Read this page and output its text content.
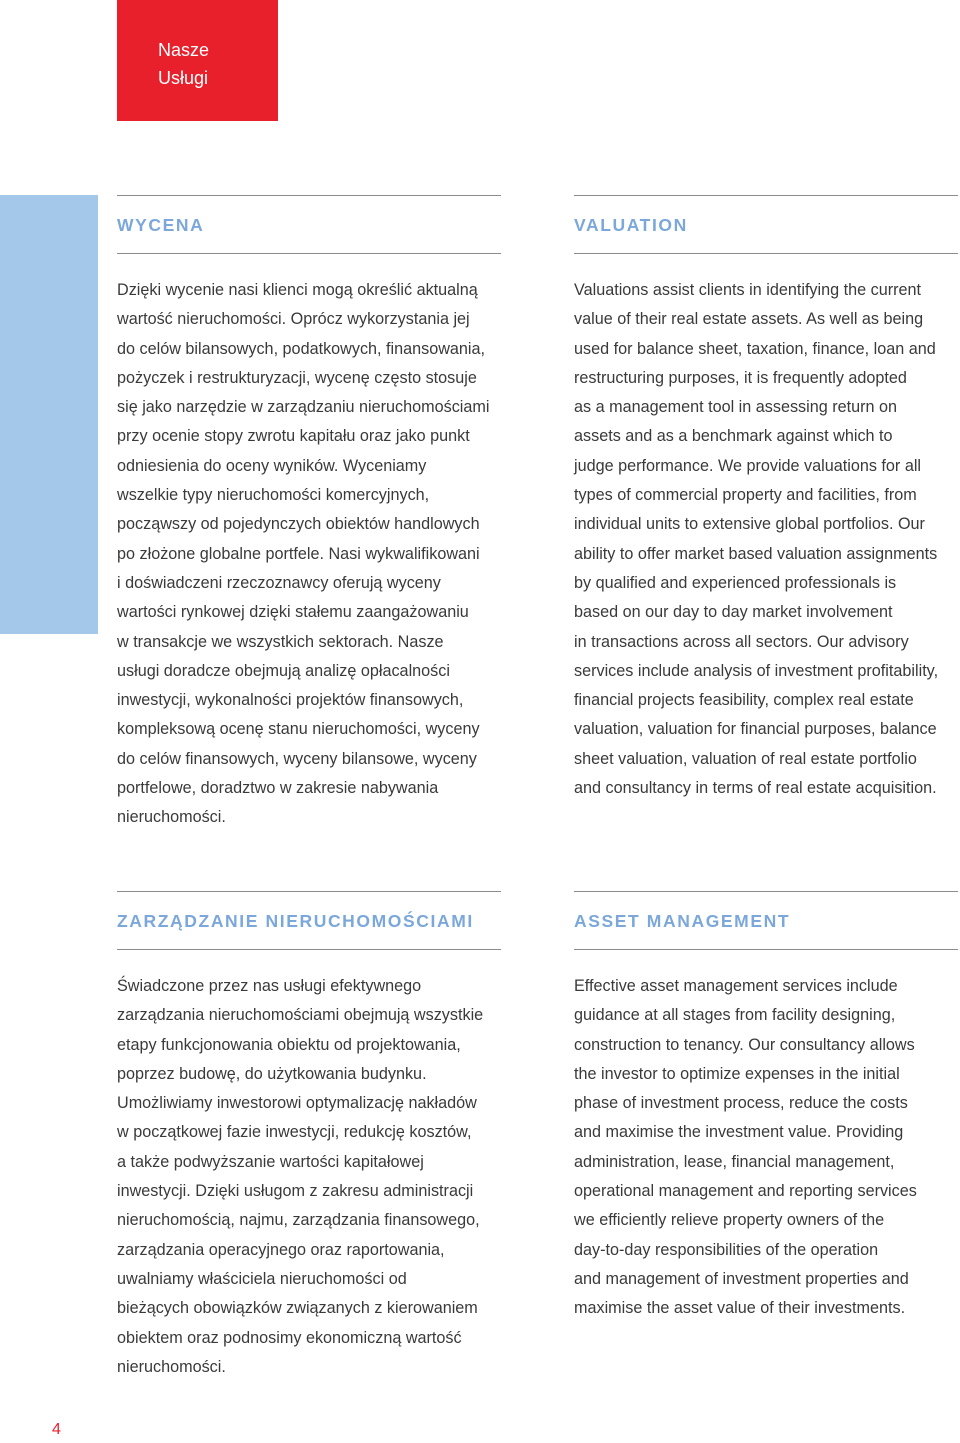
Nasze
Usługi
WYCENA
Dzięki wycenie nasi klienci mogą określić aktualną
wartość nieruchomości. Oprócz wykorzystania jej
do celów bilansowych, podatkowych, finansowania,
pożyczek i restrukturyzacji, wycenę często stosuje
się jako narzędzie w zarządzaniu nieruchomościami
przy ocenie stopy zwrotu kapitału oraz jako punkt
odniesienia do oceny wyników. Wyceniamy
wszelkie typy nieruchomości komercyjnych,
począwszy od pojedynczych obiektów handlowych
po złożone globalne portfele. Nasi wykwalifikowani
i doświadczeni rzeczoznawcy oferują wyceny
wartości rynkowej dzięki stałemu zaangażowaniu
w transakcje we wszystkich sektorach. Nasze
usługi doradcze obejmują analizę opłacalności
inwestycji, wykonalności projektów finansowych,
kompleksową ocenę stanu nieruchomości, wyceny
do celów finansowych, wyceny bilansowe, wyceny
portfelowe, doradztwo w zakresie nabywania
nieruchomości.
VALUATION
Valuations assist clients in identifying the current
value of their real estate assets. As well as being
used for balance sheet, taxation, finance, loan and
restructuring purposes, it is frequently adopted
as a management tool in assessing return on
assets and as a benchmark against which to
judge performance. We provide valuations for all
types of commercial property and facilities, from
individual units to extensive global portfolios. Our
ability to offer market based valuation assignments
by qualified and experienced professionals is
based on our day to day market involvement
in transactions across all sectors. Our advisory
services include analysis of investment profitability,
financial projects feasibility, complex real estate
valuation, valuation for financial purposes, balance
sheet valuation, valuation of real estate portfolio
and consultancy in terms of real estate acquisition.
ZARZĄDZANIE NIERUCHOMOŚCIAMI
Świadczone przez nas usługi efektywnego
zarządzania nieruchomościami obejmują wszystkie
etapy funkcjonowania obiektu od projektowania,
poprzez budowę, do użytkowania budynku.
Umożliwiamy inwestorowi optymalizację nakładów
w początkowej fazie inwestycji, redukcję kosztów,
a także podwyższanie wartości kapitałowej
inwestycji. Dzięki usługom z zakresu administracji
nieruchomością, najmu, zarządzania finansowego,
zarządzania operacyjnego oraz raportowania,
uwalniamy właściciela nieruchomości od
bieżących obowiązków związanych z kierowaniem
obiektem oraz podnosimy ekonomiczną wartość
nieruchomości.
ASSET MANAGEMENT
Effective asset management services include
guidance at all stages from facility designing,
construction to tenancy. Our consultancy allows
the investor to optimize expenses in the initial
phase of investment process, reduce the costs
and maximise the investment value. Providing
administration, lease, financial management,
operational management and reporting services
we efficiently relieve property owners of the
day-to-day responsibilities of the operation
and management of investment properties and
maximise the asset value of their investments.
4
